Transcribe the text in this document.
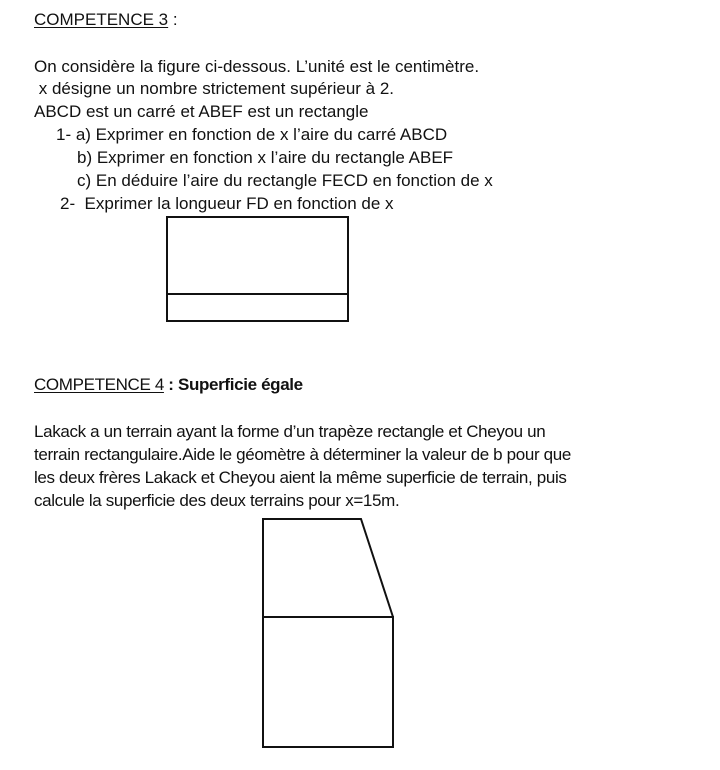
COMPETENCE 3 :
On considère la figure ci-dessous. L’unité est le centimètre.
x désigne un nombre strictement supérieur à 2.
ABCD est un carré et ABEF est un rectangle
1- a) Exprimer en fonction de x l’aire du carré ABCD
b) Exprimer en fonction x l’aire du rectangle ABEF
c) En déduire l’aire du rectangle FECD en fonction de x
2-  Exprimer la longueur FD en fonction de x
COMPETENCE 4 : Superficie égale
Lakack a un terrain ayant la forme d’un trapèze rectangle et Cheyou un
terrain rectangulaire.Aide le géomètre à déterminer la valeur de b pour que
les deux frères Lakack et Cheyou aient la même superficie de terrain, puis
calcule la superficie des deux terrains pour x=15m.
